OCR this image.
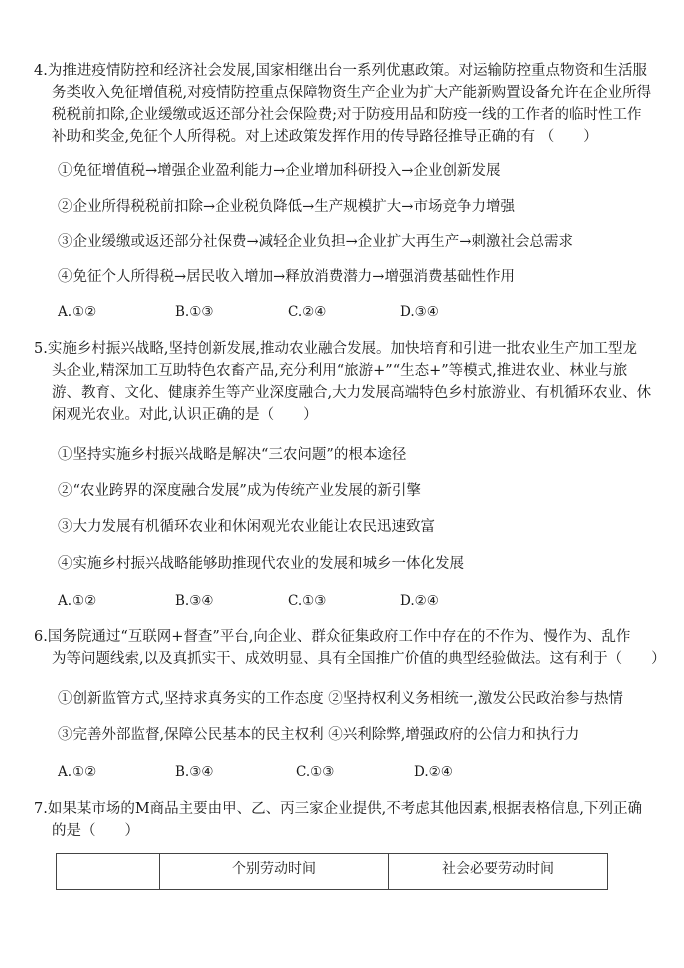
4.为推进疫情防控和经济社会发展,国家相继出台一系列优惠政策。对运输防控重点物资和生活服
务类收入免征增值税,对疫情防控重点保障物资生产企业为扩大产能新购置设备允许在企业所得
税税前扣除,企业缓缴或返还部分社会保险费;对于防疫用品和防疫一线的工作者的临时性工作
补助和奖金,免征个人所得税。对上述政策发挥作用的传导路径推导正确的有 （　　）
①免征增值税→增强企业盈利能力→企业增加科研投入→企业创新发展
②企业所得税税前扣除→企业税负降低→生产规模扩大→市场竞争力增强
③企业缓缴或返还部分社保费→减轻企业负担→企业扩大再生产→刺激社会总需求
④免征个人所得税→居民收入增加→释放消费潜力→增强消费基础性作用
A.①②	B.①③	C.②④	D.③④
5.实施乡村振兴战略,坚持创新发展,推动农业融合发展。加快培育和引进一批农业生产加工型龙
头企业,精深加工互助特色农畜产品,充分利用“旅游+”“生态+”等模式,推进农业、林业与旅
游、教育、文化、健康养生等产业深度融合,大力发展高端特色乡村旅游业、有机循环农业、休
闲观光农业。对此,认识正确的是（　　）
①坚持实施乡村振兴战略是解决“三农问题”的根本途径
②“农业跨界的深度融合发展”成为传统产业发展的新引擎
③大力发展有机循环农业和休闲观光农业能让农民迅速致富
④实施乡村振兴战略能够助推现代农业的发展和城乡一体化发展
A.①②	B.③④	C.①③	D.②④
6.国务院通过“互联网+督查”平台,向企业、群众征集政府工作中存在的不作为、慢作为、乱作
为等问题线索,以及真抓实干、成效明显、具有全国推广价值的典型经验做法。这有利于（　　）
①创新监管方式,坚持求真务实的工作态度 ②坚持权利义务相统一,激发公民政治参与热情
③完善外部监督,保障公民基本的民主权利 ④兴利除弊,增强政府的公信力和执行力
A.①②	B.③④	C.①③	D.②④
7.如果某市场的M商品主要由甲、乙、丙三家企业提供,不考虑其他因素,根据表格信息,下列正确
的是（　　）
	个别劳动时间	社会必要劳动时间
